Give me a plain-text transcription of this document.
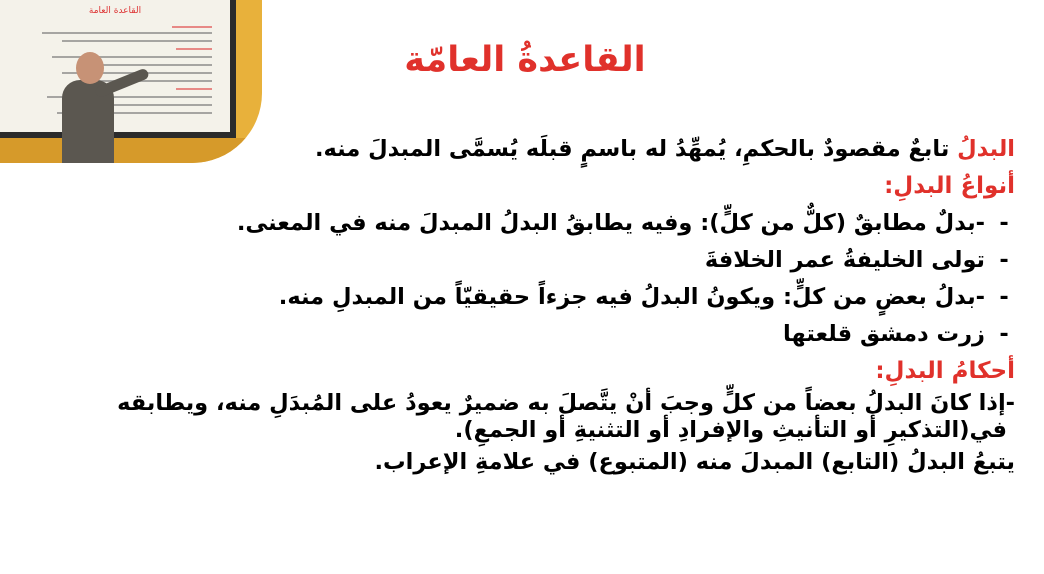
القاعدة العامة
القاعدةُ العامّة
البدلُ تابعٌ مقصودٌ بالحكمِ، يُمهِّدُ له باسمٍ قبلَه يُسمَّى المبدلَ منه.
أنواعُ البدلِ:
--بدلٌ مطابقٌ (كلٌّ من كلٍّ): وفيه يطابقُ البدلُ المبدلَ منه في المعنى.
-تولى الخليفةُ عمر الخلافةَ
--بدلُ بعضٍ من كلٍّ: ويكونُ البدلُ فيه جزءاً حقيقيّاً من المبدلِ منه.
-زرت دمشق قلعتها
أحكامُ البدلِ:
-إذا كانَ البدلُ بعضاً من كلٍّ وجبَ أنْ يتَّصلَ به ضميرٌ يعودُ على المُبدَلِ منه، ويطابقه
في(التذكيرِ أو التأنيثِ والإفرادِ أو التثنيةِ أو الجمعِ).
يتبعُ البدلُ (التابع) المبدلَ منه (المتبوع) في علامةِ الإعراب.
